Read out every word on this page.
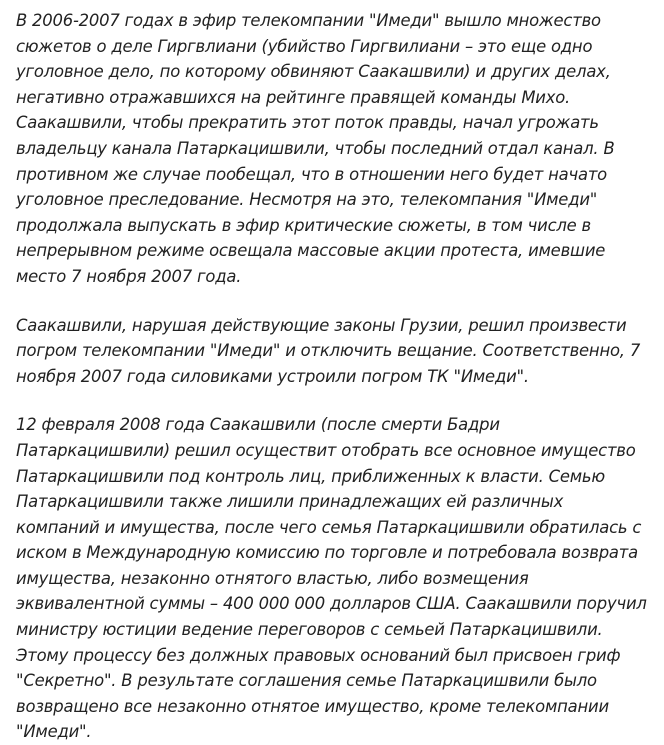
В 2006-2007 годах в эфир телекомпании "Имеди" вышло множество сюжетов о деле Гиргвлиани (убийство Гиргвилиани – это еще одно уголовное дело, по которому обвиняют Саакашвили) и других делах, негативно отражавшихся на рейтинге правящей команды Михо. Саакашвили, чтобы прекратить этот поток правды, начал угрожать владельцу канала Патаркацишвили, чтобы последний отдал канал. В противном же случае пообещал, что в отношении него будет начато уголовное преследование. Несмотря на это, телекомпания "Имеди" продолжала выпускать в эфир критические сюжеты, в том числе в непрерывном режиме освещала массовые акции протеста, имевшие место 7 ноября 2007 года.

Саакашвили, нарушая действующие законы Грузии, решил произвести погром телекомпании "Имеди" и отключить вещание. Соответственно, 7 ноября 2007 года силовиками устроили погром ТК "Имеди".

12 февраля 2008 года Саакашвили (после смерти Бадри Патаркацишвили) решил осуществит отобрать все основное имущество Патаркацишвили под контроль лиц, приближенных к власти. Семью Патаркацишвили также лишили принадлежащих ей различных компаний и имущества, после чего семья Патаркацишвили обратилась с иском в Международную комиссию по торговле и потребовала возврата имущества, незаконно отнятого властью, либо возмещения эквивалентной суммы – 400 000 000 долларов США. Саакашвили поручил министру юстиции ведение переговоров с семьей Патаркацишвили. Этому процессу без должных правовых оснований был присвоен гриф "Секретно". В результате соглашения семье Патаркацишвили было возвращено все незаконно отнятое имущество, кроме телекомпании "Имеди".
